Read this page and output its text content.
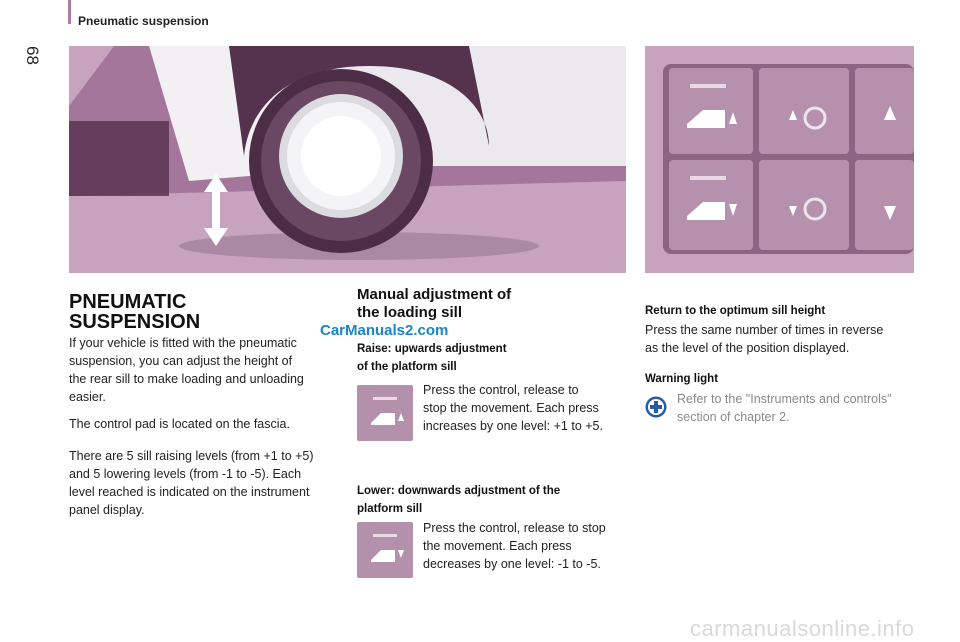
Pneumatic suspension
68
PNEUMATIC
SUSPENSION
If your vehicle is fitted with the pneumatic
suspension, you can adjust the height of
the rear sill to make loading and unloading
easier.
The control pad is located on the fascia.
There are 5 sill raising levels (from +1 to +5)
and 5 lowering levels (from -1 to -5). Each
level reached is indicated on the instrument
panel display.
CarManuals2.com
Manual adjustment of
the loading sill
Raise: upwards adjustment
of the platform sill
Press the control, release to
stop the movement. Each press
increases by one level: +1 to +5.
Lower: downwards adjustment of the
platform sill
Press the control, release to stop
the movement. Each press
decreases by one level: -1 to -5.
Return to the optimum sill height
Press the same number of times in reverse
as the level of the position displayed.
Warning light
Refer to the "Instruments and controls"
section of chapter 2.
carmanualsonline.info
